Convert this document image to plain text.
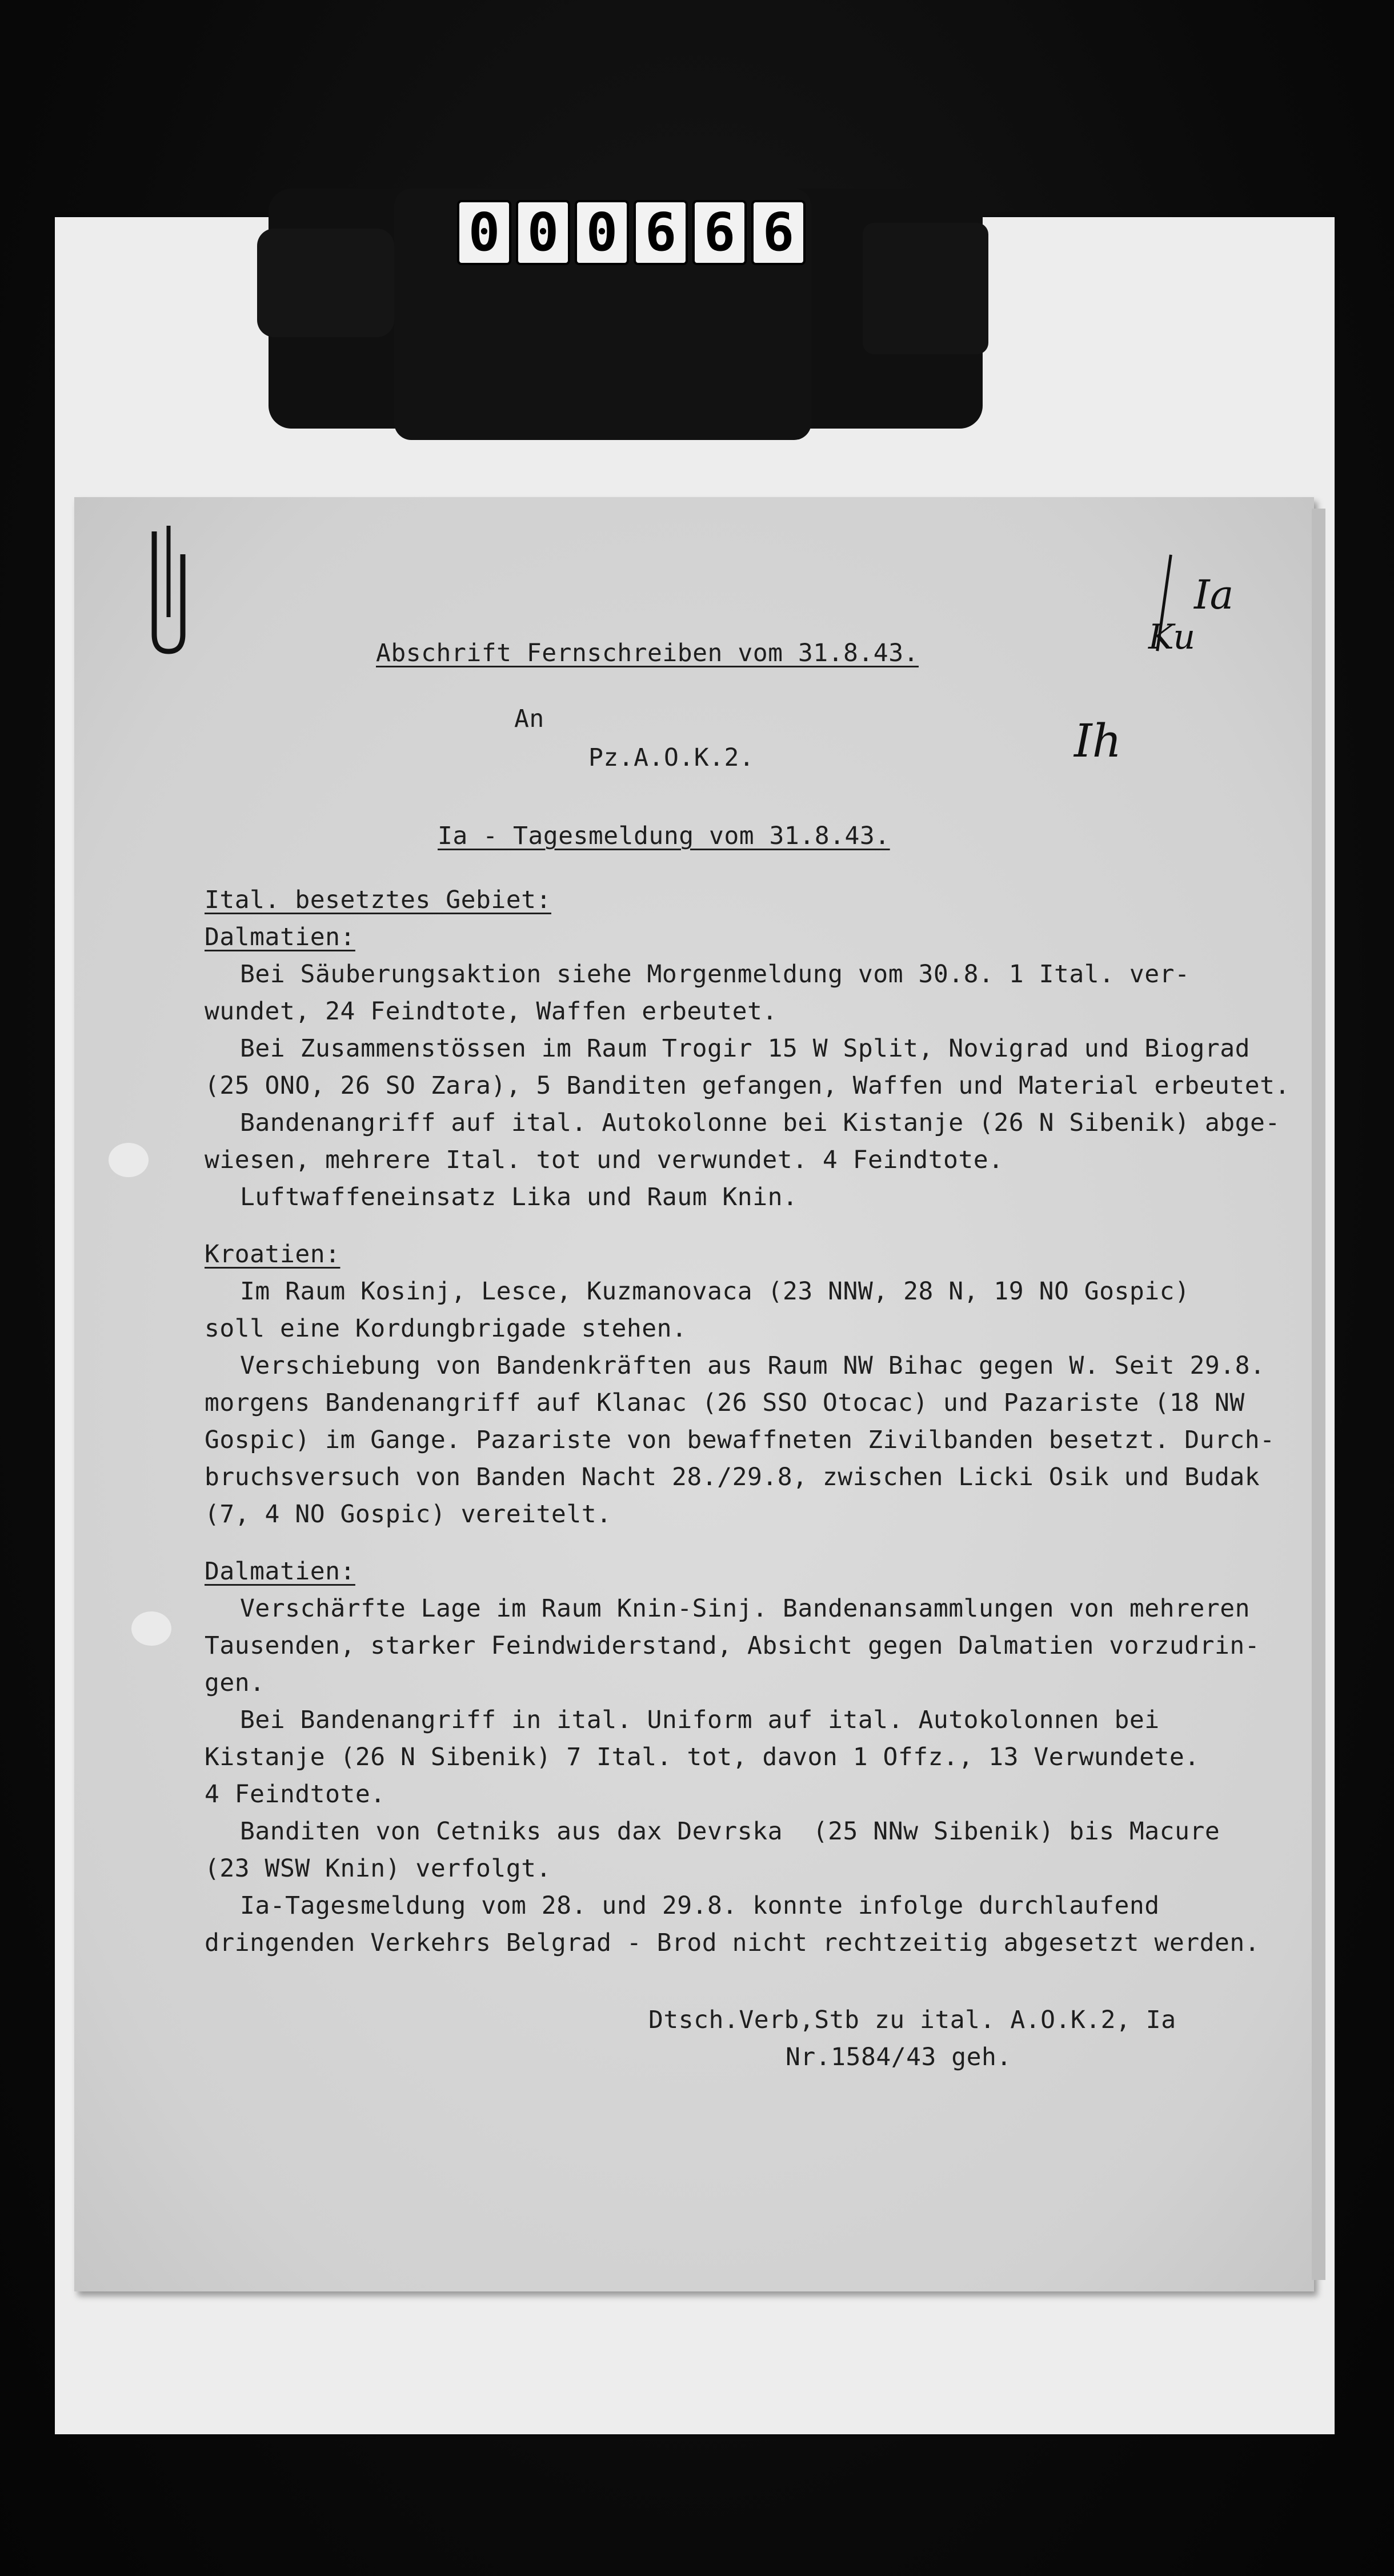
0 0 0 6 6 6
Ia
Ku
Ih
Abschrift Fernschreiben vom 31.8.43.
An
Pz.A.O.K.2.
Ia - Tagesmeldung vom 31.8.43.
Ital. besetztes Gebiet:
Dalmatien:
Bei Säuberungsaktion siehe Morgenmeldung vom 30.8. 1 Ital. ver-
wundet, 24 Feindtote, Waffen erbeutet.
Bei Zusammenstössen im Raum Trogir 15 W Split, Novigrad und Biograd
(25 ONO, 26 SO Zara), 5 Banditen gefangen, Waffen und Material erbeutet.
Bandenangriff auf ital. Autokolonne bei Kistanje (26 N Sibenik) abge-
wiesen, mehrere Ital. tot und verwundet. 4 Feindtote.
Luftwaffeneinsatz Lika und Raum Knin.
Kroatien:
Im Raum Kosinj, Lesce, Kuzmanovaca (23 NNW, 28 N, 19 NO Gospic)
soll eine Kordungbrigade stehen.
Verschiebung von Bandenkräften aus Raum NW Bihac gegen W. Seit 29.8.
morgens Bandenangriff auf Klanac (26 SSO Otocac) und Pazariste (18 NW
Gospic) im Gange. Pazariste von bewaffneten Zivilbanden besetzt. Durch-
bruchsversuch von Banden Nacht 28./29.8, zwischen Licki Osik und Budak
(7, 4 NO Gospic) vereitelt.
Dalmatien:
Verschärfte Lage im Raum Knin-Sinj. Bandenansammlungen von mehreren
Tausenden, starker Feindwiderstand, Absicht gegen Dalmatien vorzudrin-
gen.
Bei Bandenangriff in ital. Uniform auf ital. Autokolonnen bei
Kistanje (26 N Sibenik) 7 Ital. tot, davon 1 Offz., 13 Verwundete.
4 Feindtote.
Banditen von Cetniks aus dax Devrska  (25 NNw Sibenik) bis Macure
(23 WSW Knin) verfolgt.
Ia-Tagesmeldung vom 28. und 29.8. konnte infolge durchlaufend
dringenden Verkehrs Belgrad - Brod nicht rechtzeitig abgesetzt werden.
Dtsch.Verb,Stb zu ital. A.O.K.2, Ia
Nr.1584/43 geh.
